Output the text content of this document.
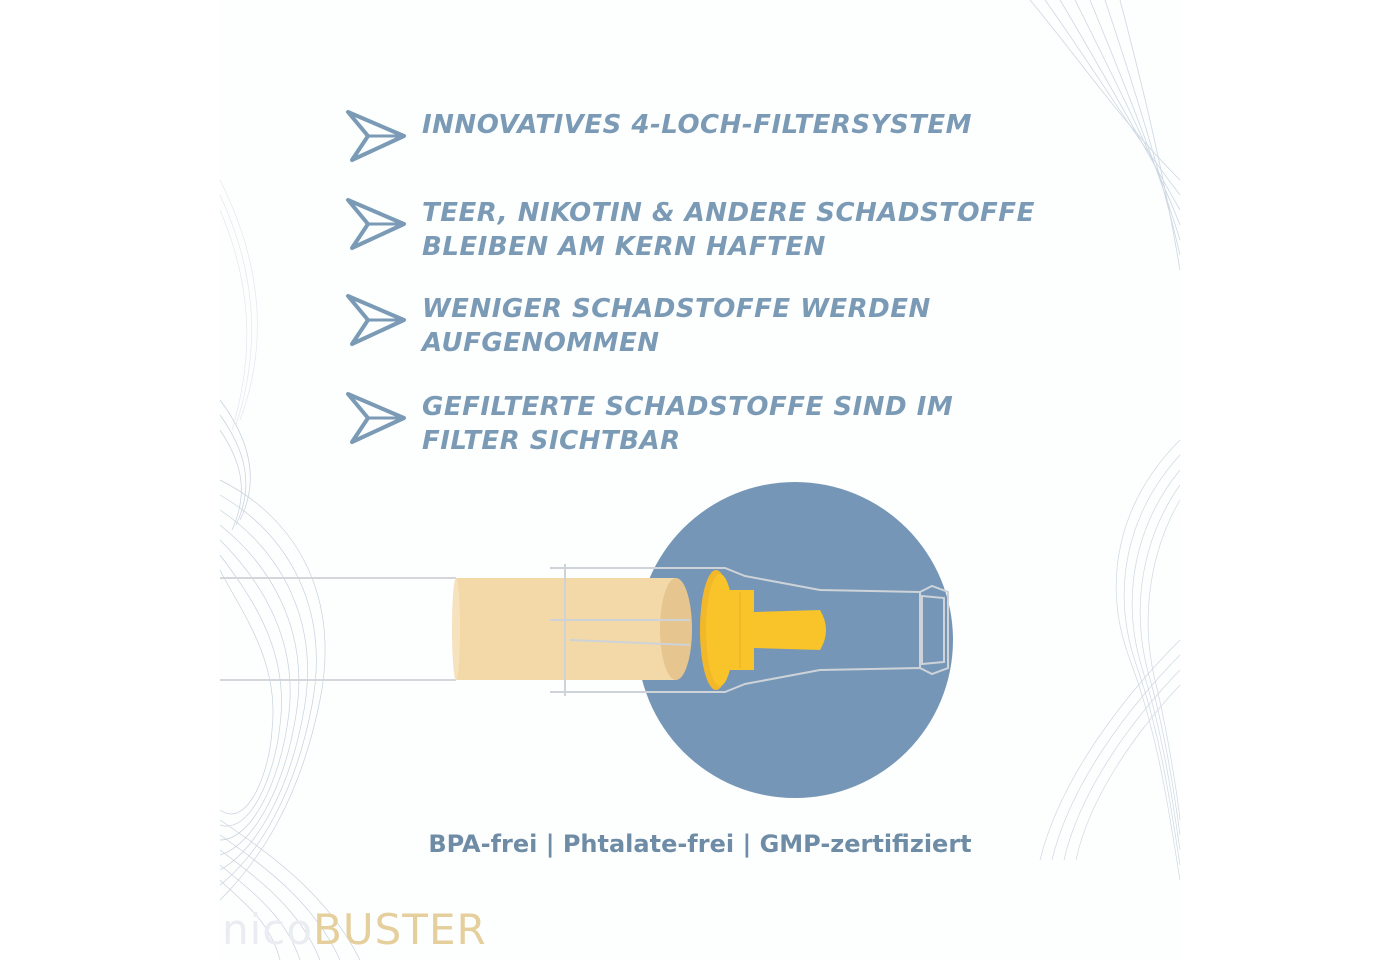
INNOVATIVES 4-LOCH-FILTERSYSTEM
TEER, NIKOTIN & ANDERE SCHADSTOFFE
BLEIBEN AM KERN HAFTEN
WENIGER SCHADSTOFFE WERDEN
AUFGENOMMEN
GEFILTERTE SCHADSTOFFE SIND IM
FILTER SICHTBAR
BPA-frei | Phtalate-frei | GMP-zertifiziert
nicoBUSTER
